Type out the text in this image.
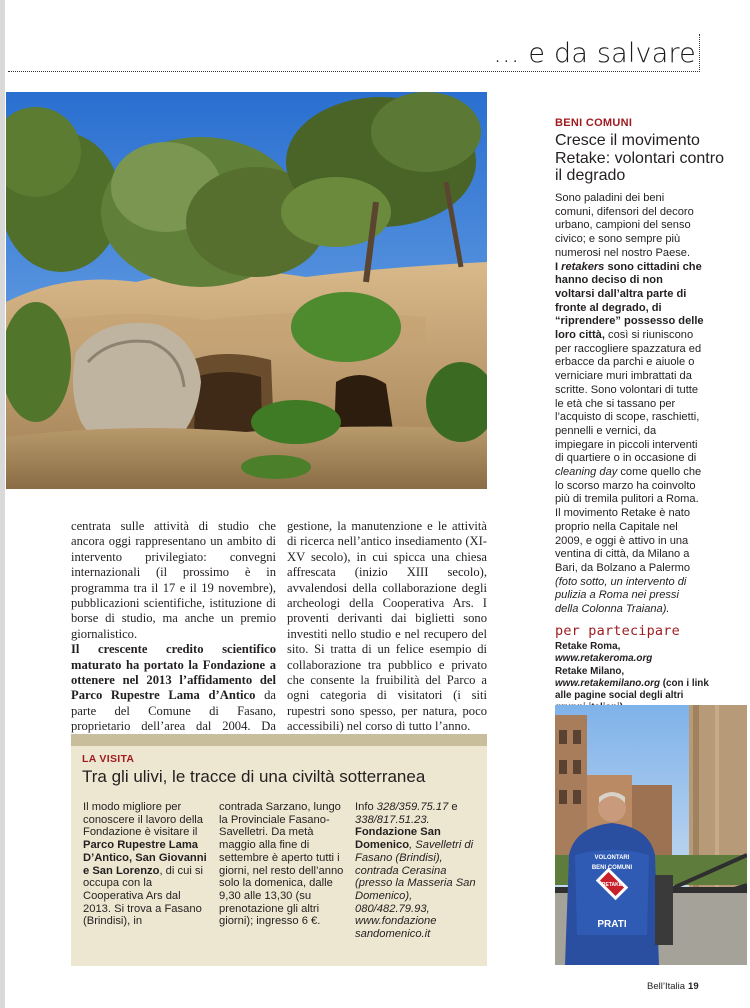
... e da salvare

centrata sulle attività di studio che ancora oggi rappresentano un ambito di intervento privilegiato: convegni internazionali (il prossimo è in programma tra il 17 e il 19 novembre), pubblicazioni scientifiche, istituzione di borse di studio, ma anche un premio giornalistico.

Il crescente credito scientifico maturato ha portato la Fondazione a ottenere nel 2013 l’affidamento del Parco Rupestre Lama d’Antico da parte del Comune di Fasano, proprietario dell’area dal 2004. Da

gestione, la manutenzione e le attività di ricerca nell’antico insediamento (XI-XV secolo), in cui spicca una chiesa affrescata (inizio XIII secolo), avvalendosi della collaborazione degli archeologi della Cooperativa Ars. I proventi derivanti dai biglietti sono investiti nello studio e nel recupero del sito. Si tratta di un felice esempio di collaborazione tra pubblico e privato che consente la fruibilità del Parco a ogni categoria di visitatori (i siti rupestri sono spesso, per natura, poco accessibili) nel corso di tutto l’anno.

LA VISITA
Tra gli ulivi, le tracce di una civiltà sotterranea
Il modo migliore per conoscere il lavoro della Fondazione è visitare il Parco Rupestre Lama D’Antico, San Giovanni e San Lorenzo, di cui si occupa con la Cooperativa Ars dal 2013. Si trova a Fasano (Brindisi), in
contrada Sarzano, lungo la Provinciale Fasano-Savelletri. Da metà maggio alla fine di settembre è aperto tutti i giorni, nel resto dell’anno solo la domenica, dalle 9,30 alle 13,30 (su prenotazione gli altri giorni); ingresso 6 €.
Info 328/359.75.17 e 338/817.51.23. Fondazione San Domenico, Savelletri di Fasano (Brindisi), contrada Cerasina (presso la Masseria San Domenico), 080/482.79.93, www.fondazione sandomenico.it
BENI COMUNI
Cresce il movimento Retake: volontari contro il degrado
Sono paladini dei beni comuni, difensori del decoro urbano, campioni del senso civico; e sono sempre più numerosi nel nostro Paese.
I retakers sono cittadini che hanno deciso di non voltarsi dall’altra parte di fronte al degrado, di “riprendere” possesso delle loro città, così si riuniscono per raccogliere spazzatura ed erbacce da parchi e aiuole o verniciare muri imbrattati da scritte. Sono volontari di tutte le età che si tassano per l’acquisto di scope, raschietti, pennelli e vernici, da impiegare in piccoli interventi di quartiere o in occasione di cleaning day come quello che lo scorso marzo ha coinvolto più di tremila pulitori a Roma.
Il movimento Retake è nato proprio nella Capitale nel 2009, e oggi è attivo in una ventina di città, da Milano a Bari, da Bolzano a Palermo (foto sotto, un intervento di pulizia a Roma nei pressi della Colonna Traiana).
per partecipare
Retake Roma, www.retakeroma.org
Retake Milano, www.retakemilano.org (con i link alle pagine social degli altri
VOLONTARI
BENI COMUNI
RETAKE
PRATI
Bell’Italia 19
